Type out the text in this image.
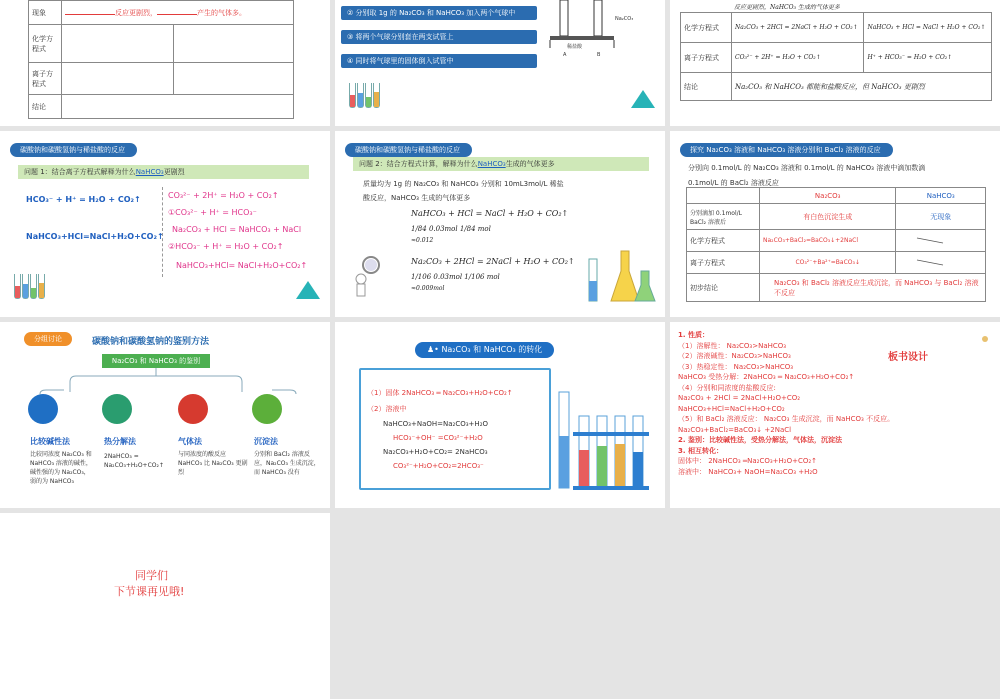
现象	反应更剧烈， 产生的气体多。	
化学方程式		
离子方程式		
结论		
② 分别取 1g 的 Na₂CO₃ 和 NaHCO₃ 加入两个气球中
③ 将两个气球分别套在两支试管上
④ 同时将气球里的固体倒入试管中
Na₂CO₃
稀盐酸
A	B
反应更剧烈，NaHCO₃ 生成的气体更多
化学方程式	Na₂CO₃ + 2HCl = 2NaCl + H₂O + CO₂↑	NaHCO₃ + HCl = NaCl + H₂O + CO₂↑
离子方程式	CO₃²⁻ + 2H⁺ = H₂O + CO₂↑	H⁺ + HCO₃⁻ = H₂O + CO₂↑
结论	Na₂CO₃ 和 NaHCO₃ 都能和盐酸反应，但 NaHCO₃ 更剧烈	
碳酸钠和碳酸氢钠与稀盐酸的反应
问题 1：结合离子方程式解释为什么NaHCO₃更剧烈
HCO₃⁻ + H⁺ = H₂O + CO₂↑
NaHCO₃+HCl=NaCl+H₂O+CO₂↑
CO₃²⁻ + 2H⁺ = H₂O + CO₂↑
①CO₃²⁻ + H⁺ = HCO₃⁻
Na₂CO₃ + HCl = NaHCO₃ + NaCl
②HCO₃⁻ + H⁺ = H₂O + CO₂↑
NaHCO₃+HCl= NaCl+H₂O+CO₂↑
碳酸钠和碳酸氢钠与稀盐酸的反应
问题 2：结合方程式计算，解释为什么NaHCO₃生成的气体更多
质量均为 1g 的 Na₂CO₃ 和 NaHCO₃ 分别和 10mL3mol/L 稀盐
酸反应，NaHCO₃ 生成的气体更多
NaHCO₃ + HCl = NaCl + H₂O + CO₂↑
1/84 0.03mol 1/84 mol
≈0.012
Na₂CO₃ + 2HCl = 2NaCl + H₂O + CO₂↑
1/106 0.03mol 1/106 mol
≈0.009mol
探究 Na₂CO₃ 溶液和 NaHCO₃ 溶液分别和 BaCl₂ 溶液的反应
分别向 0.1mol/L 的 Na₂CO₃ 溶液和 0.1mol/L 的 NaHCO₃ 溶液中滴加数滴
0.1mol/L 的 BaCl₂ 溶液反应
	Na₂CO₃	NaHCO₃
分别滴加 0.1mol/L BaCl₂ 溶液后	有白色沉淀生成	无现象
化学方程式	Na₂CO₃+BaCl₂=BaCO₃↓+2NaCl	
离子方程式	CO₃²⁻+Ba²⁺=BaCO₃↓	
初步结论	Na₂CO₃ 和 BaCl₂ 溶液反应生成沉淀，而 NaHCO₃ 与 BaCl₂ 溶液不反应	
分组讨论	碳酸钠和碳酸氢钠的鉴别方法
Na₂CO₃ 和 NaHCO₃ 的鉴别
比较碱性法
比较同浓度 Na₂CO₃ 和 NaHCO₃ 溶液的碱性，碱性强的为 Na₂CO₃，弱的为 NaHCO₃
热分解法
2NaHCO₃ = Na₂CO₃+H₂O+CO₂↑
气体法
与同浓度的酸反应 NaHCO₃ 比 Na₂CO₃ 更剧烈
沉淀法
分别和 BaCl₂ 溶液反应，Na₂CO₃ 生成沉淀，而 NaHCO₃ 没有
♟• Na₂CO₃ 和 NaHCO₃ 的转化
（1）固体 2NaHCO₃ ═ Na₂CO₃+H₂O+CO₂↑
（2）溶液中
NaHCO₃+NaOH=Na₂CO₃+H₂O
HCO₃⁻+OH⁻ =CO₃²⁻+H₂O
Na₂CO₃+H₂O+CO₂= 2NaHCO₃
CO₃²⁻+H₂O+CO₂=2HCO₃⁻
板书设计
1. 性质：
（1）溶解性： Na₂CO₃>NaHCO₃
（2）溶液碱性：Na₂CO₃>NaHCO₃
（3）热稳定性： Na₂CO₃>NaHCO₃
NaHCO₃ 受热分解：2NaHCO₃ ═ Na₂CO₃+H₂O+CO₂↑
（4）分别和同浓度的盐酸反应:
Na₂CO₃ + 2HCl = 2NaCl+H₂O+CO₂
NaHCO₃+HCl=NaCl+H₂O+CO₂
（5）和 BaCl₂ 溶液反应： Na₂CO₃ 生成沉淀，而 NaHCO₃ 不反应。
Na₂CO₃+BaCl₂=BaCO₃↓ +2NaCl
2. 鉴别：比较碱性法，受热分解法，气体法，沉淀法
3. 相互转化：
固体中： 2NaHCO₃ ═Na₂CO₃+H₂O+CO₂↑
溶液中： NaHCO₃+ NaOH=Na₂CO₃ +H₂O
同学们
下节课再见哦!
